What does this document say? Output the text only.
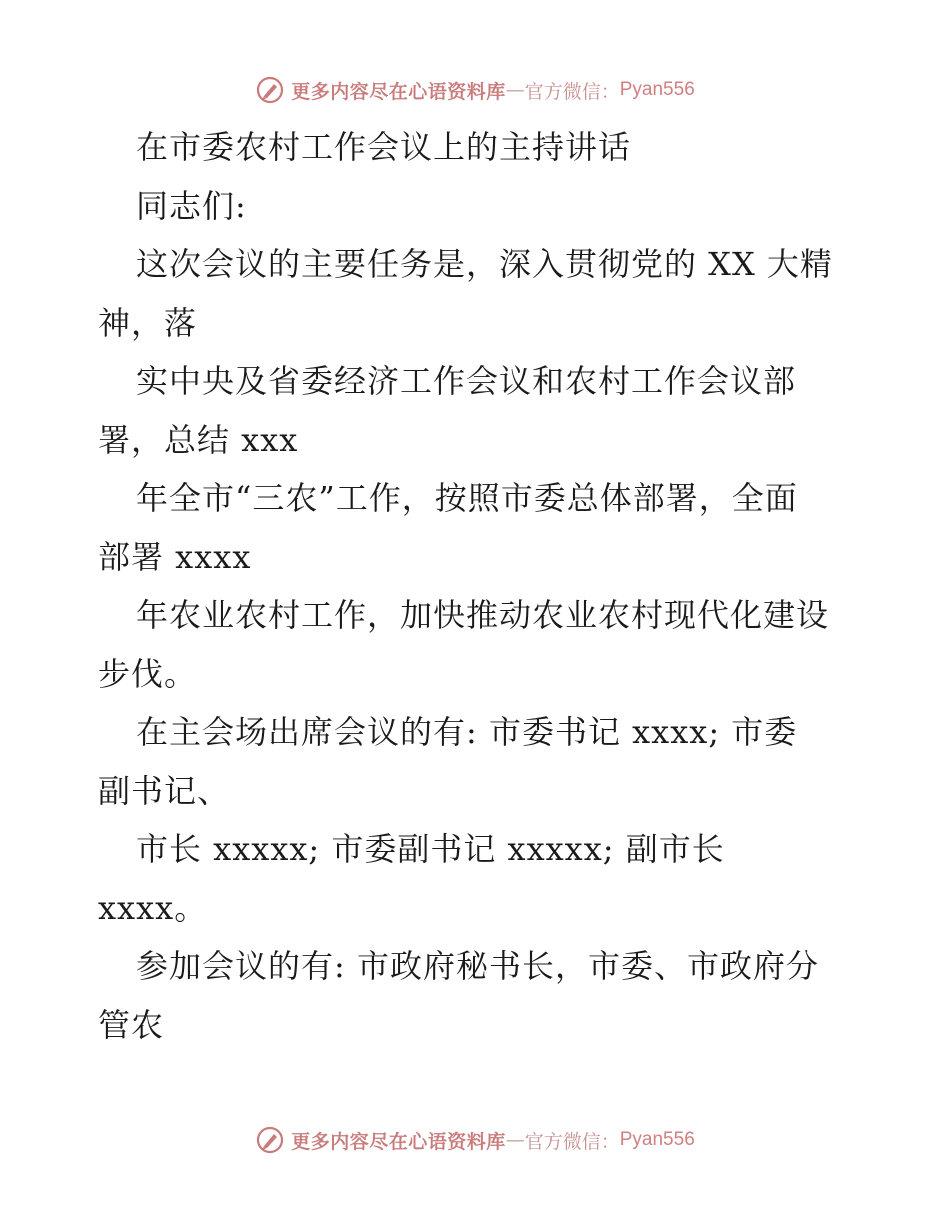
更多内容尽在心语资料库 — 官方微信： Pyan556
在市委农村工作会议上的主持讲话
同志们:
这次会议的主要任务是，深入贯彻党的 XX 大精
神，落
实中央及省委经济工作会议和农村工作会议部
署，总结 xxx
年全市“三农”工作，按照市委总体部署，全面
部署 xxxx
年农业农村工作，加快推动农业农村现代化建设
步伐。
在主会场出席会议的有: 市委书记 xxxx; 市委
副书记、
市长 xxxxx; 市委副书记 xxxxx; 副市长
xxxx。
参加会议的有: 市政府秘书长，市委、市政府分
管农
更多内容尽在心语资料库 — 官方微信： Pyan556
